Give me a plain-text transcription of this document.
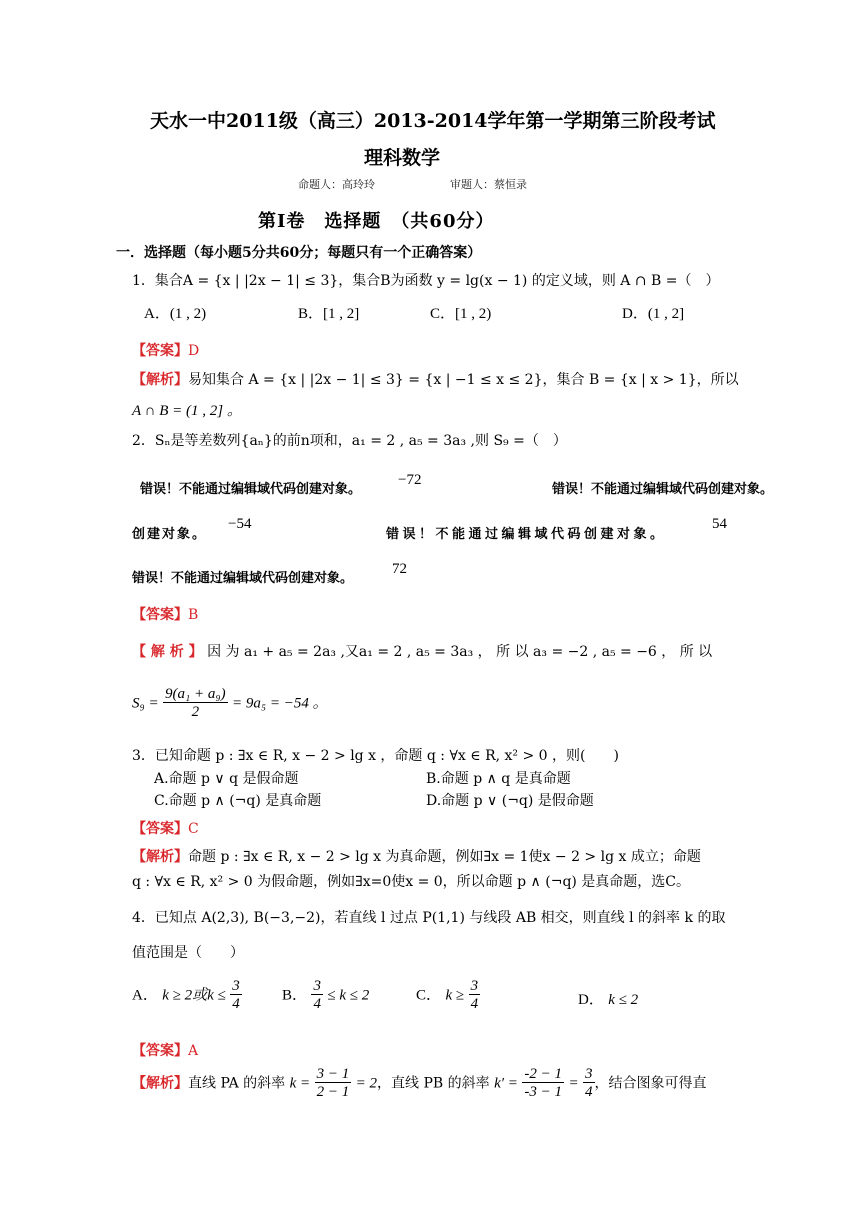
天水一中2011级（高三）2013-2014学年第一学期第三阶段考试
理科数学
命题人：高玲玲	审题人：蔡恒录
第Ⅰ卷　选择题　（共60分）
一．选择题（每小题5分共60分；每题只有一个正确答案）
1．集合A = {x | |2x − 1| ≤ 3}，集合B为函数 y = lg(x − 1) 的定义域，则 A ∩ B =（　）
A．(1 , 2)	B．[1 , 2]	C．[1 , 2)	D．(1 , 2]
【答案】D
【解析】易知集合 A = {x | |2x − 1| ≤ 3} = {x | −1 ≤ x ≤ 2}，集合 B = {x | x > 1}，所以
A ∩ B = (1 , 2] 。
2．Sₙ是等差数列{aₙ}的前n项和，a₁ = 2 , a₅ = 3a₃ ,则 S₉ =（　）
错误！不能通过编辑域代码创建对象。
−72
错误！不能通过编辑域代码创建对象。
创建对象。
−54
错误！不能通过编辑域代码创建对象。
54
错误！不能通过编辑域代码创建对象。
72
【答案】B
【 解 析 】 因 为 a₁ + a₅ = 2a₃ ,又a₁ = 2 , a₅ = 3a₃ ， 所 以 a₃ = −2 , a₅ = −6 ， 所 以
$S_9 = \frac{\text{9(a₁ + a₉)}}{2} = 9a_5 = -54$ 。
3．已知命题 p : ∃x ∈ R, x − 2 > lg x ，命题 q : ∀x ∈ R, x² > 0 ，则(　　)
A.命题 p ∨ q 是假命题	B.命题 p ∧ q 是真命题
C.命题 p ∧ (¬q) 是真命题	D.命题 p ∨ (¬q) 是假命题
【答案】C
【解析】命题 p : ∃x ∈ R, x − 2 > lg x 为真命题，例如∃x = 1使x − 2 > lg x 成立；命题
q : ∀x ∈ R, x² > 0 为假命题，例如∃x=0使x = 0，所以命题 p ∧ (¬q) 是真命题，选C。
4．已知点 A(2,3), B(−3,−2)，若直线 l 过点 P(1,1) 与线段 AB 相交，则直线 l 的斜率 k 的取
值范围是（　　）
A． k ≥ 2或$k \le \frac{3}{4}$	B． $\frac{3}{4} \le k \le 2$	C． $k \ge \frac{3}{4}$	D． k ≤ 2
【答案】A
【解析】直线 PA 的斜率 $k = \frac{3 - 1}{2 - 1} = 2$，直线 PB 的斜率 $k' = \frac{-2 - 1}{-3 - 1} = \frac{3}{4}$ ，结合图象可得直
